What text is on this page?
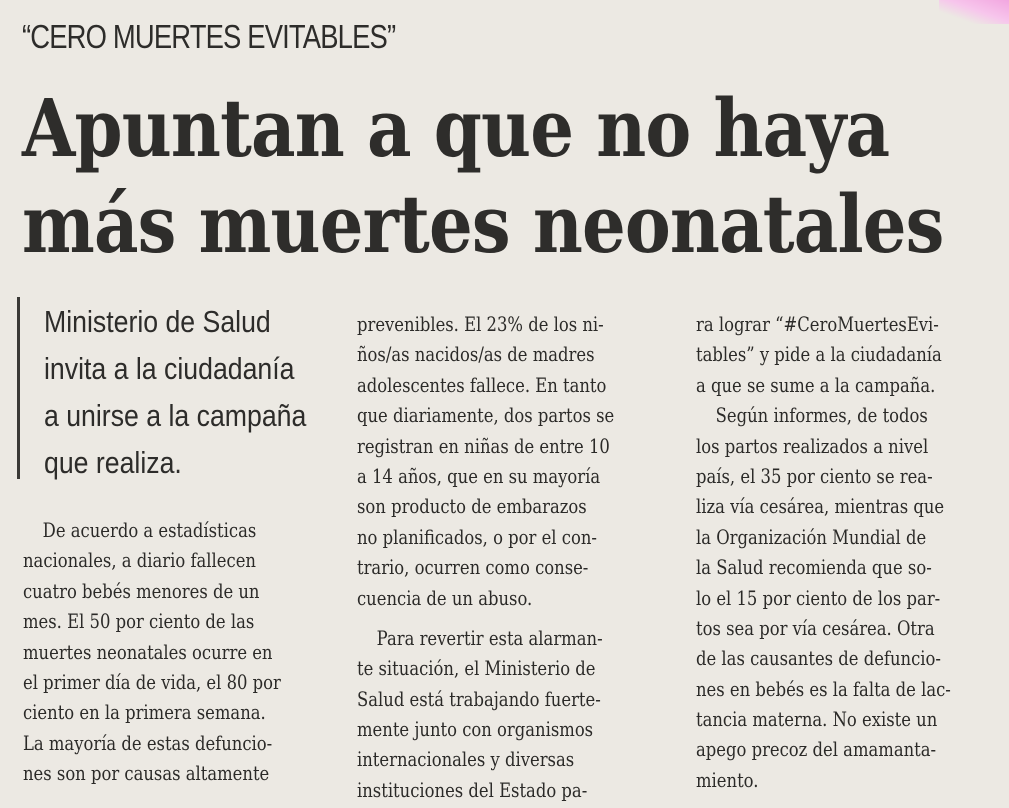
“CERO MUERTES EVITABLES”
Apuntan a que no haya
más muertes neonatales
Ministerio de Salud
invita a la ciudadanía
a unirse a la campaña
que realiza.
De acuerdo a estadísticas
nacionales, a diario fallecen
cuatro bebés menores de un
mes. El 50 por ciento de las
muertes neonatales ocurre en
el primer día de vida, el 80 por
ciento en la primera semana.
La mayoría de estas defuncio-
nes son por causas altamente
prevenibles. El 23% de los ni-
ños/as nacidos/as de madres
adolescentes fallece. En tanto
que diariamente, dos partos se
registran en niñas de entre 10
a 14 años, que en su mayoría
son producto de embarazos
no planificados, o por el con-
trario, ocurren como conse-
cuencia de un abuso.
Para revertir esta alarman-
te situación, el Ministerio de
Salud está trabajando fuerte-
mente junto con organismos
internacionales y diversas
instituciones del Estado pa-
ra lograr “#CeroMuertesEvi-
tables” y pide a la ciudadanía
a que se sume a la campaña.
Según informes, de todos
los partos realizados a nivel
país, el 35 por ciento se rea-
liza vía cesárea, mientras que
la Organización Mundial de
la Salud recomienda que so-
lo el 15 por ciento de los par-
tos sea por vía cesárea. Otra
de las causantes de defuncio-
nes en bebés es la falta de lac-
tancia materna. No existe un
apego precoz del amamanta-
miento.
